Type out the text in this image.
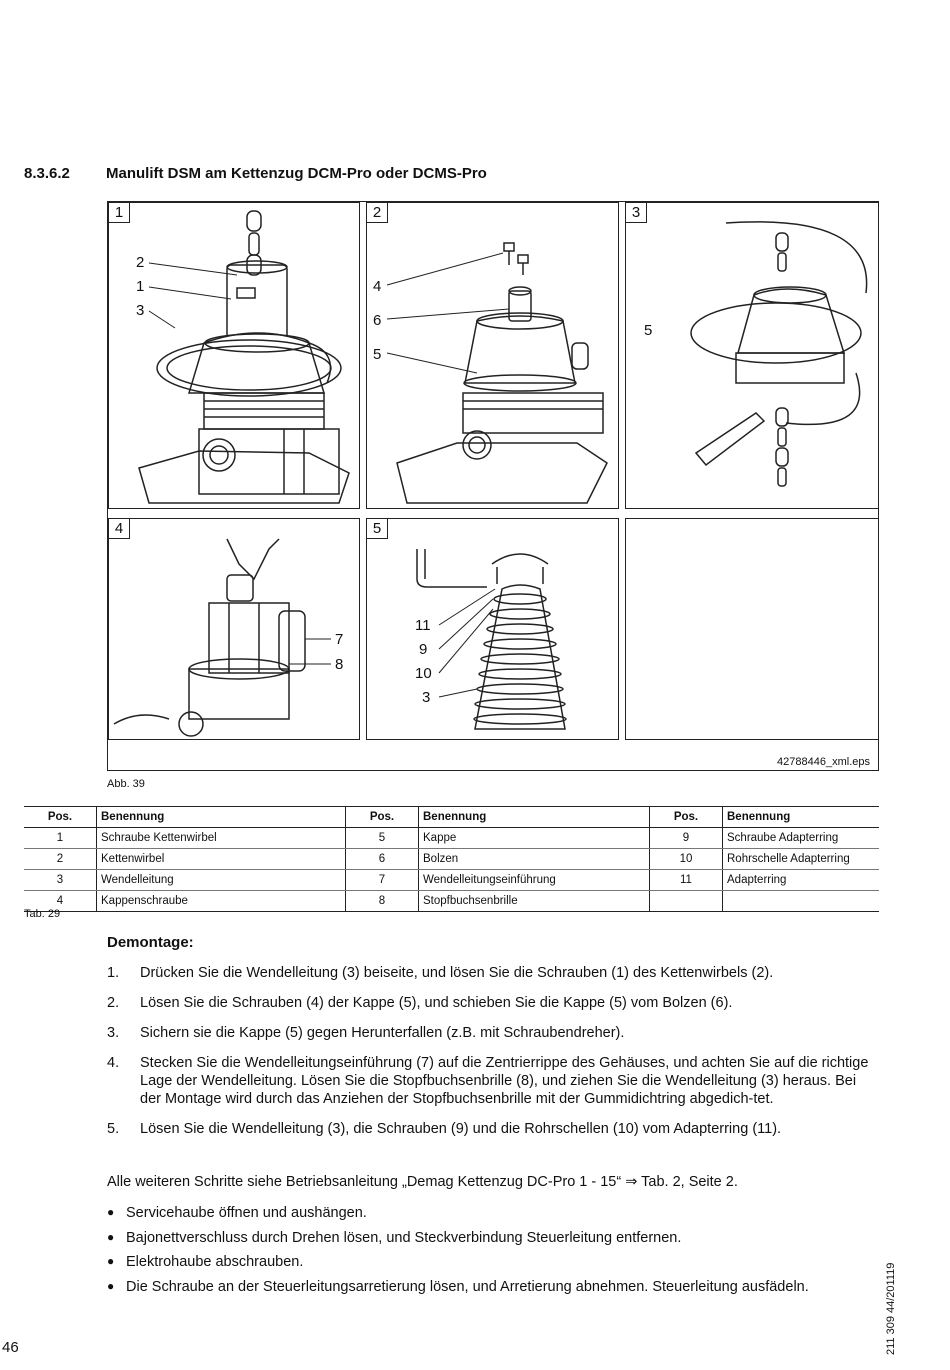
8.3.6.2 Manulift DSM am Kettenzug DCM-Pro oder DCMS-Pro
1
2
1
3
2
4
6
5
3
5
4
7
8
5
11
9
10
3
42788446_xml.eps
Abb. 39
Pos.	Benennung	Pos.	Benennung	Pos.	Benennung
1	Schraube Kettenwirbel	5	Kappe	9	Schraube Adapterring
2	Kettenwirbel	6	Bolzen	10	Rohrschelle Adapterring
3	Wendelleitung	7	Wendelleitungseinführung	11	Adapterring
4	Kappenschraube	8	Stopfbuchsenbrille		
Tab. 29
Demontage:
1. Drücken Sie die Wendelleitung (3) beiseite, und lösen Sie die Schrauben (1) des Kettenwirbels (2).
2. Lösen Sie die Schrauben (4) der Kappe (5), und schieben Sie die Kappe (5) vom Bolzen (6).
3. Sichern sie die Kappe (5) gegen Herunterfallen (z.B. mit Schraubendreher).
4. Stecken Sie die Wendelleitungseinführung (7) auf die Zentrierrippe des Gehäuses, und achten Sie auf die richtige Lage der Wendelleitung. Lösen Sie die Stopfbuchsenbrille (8), und ziehen Sie die Wendelleitung (3) heraus. Bei der Montage wird durch das Anziehen der Stopfbuchsenbrille mit der Gummidichtring abgedich-tet.
5. Lösen Sie die Wendelleitung (3), die Schrauben (9) und die Rohrschellen (10) vom Adapterring (11).
Alle weiteren Schritte siehe Betriebsanleitung „Demag Kettenzug DC-Pro 1 - 15“ ⇒ Tab. 2, Seite 2.
● Servicehaube öffnen und aushängen.
● Bajonettverschluss durch Drehen lösen, und Steckverbindung Steuerleitung entfernen.
● Elektrohaube abschrauben.
● Die Schraube an der Steuerleitungsarretierung lösen, und Arretierung abnehmen. Steuerleitung ausfädeln.
46	211 309 44/201119
